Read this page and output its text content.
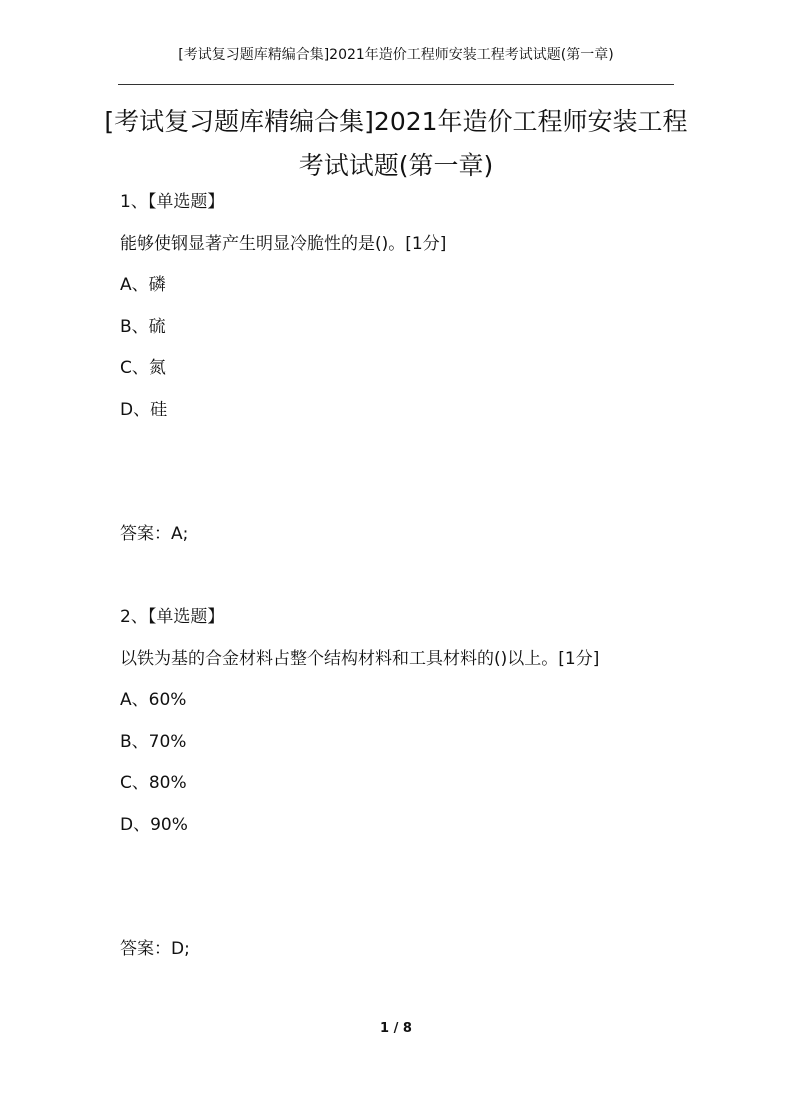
[考试复习题库精编合集]2021年造价工程师安装工程考试试题(第一章)
[考试复习题库精编合集]2021年造价工程师安装工程
考试试题(第一章)
1、【单选题】
能够使钢显著产生明显冷脆性的是()。[1分]
A、磷
B、硫
C、氮
D、硅
答案：A;
2、【单选题】
以铁为基的合金材料占整个结构材料和工具材料的()以上。[1分]
A、60%
B、70%
C、80%
D、90%
答案：D;
1 / 8
